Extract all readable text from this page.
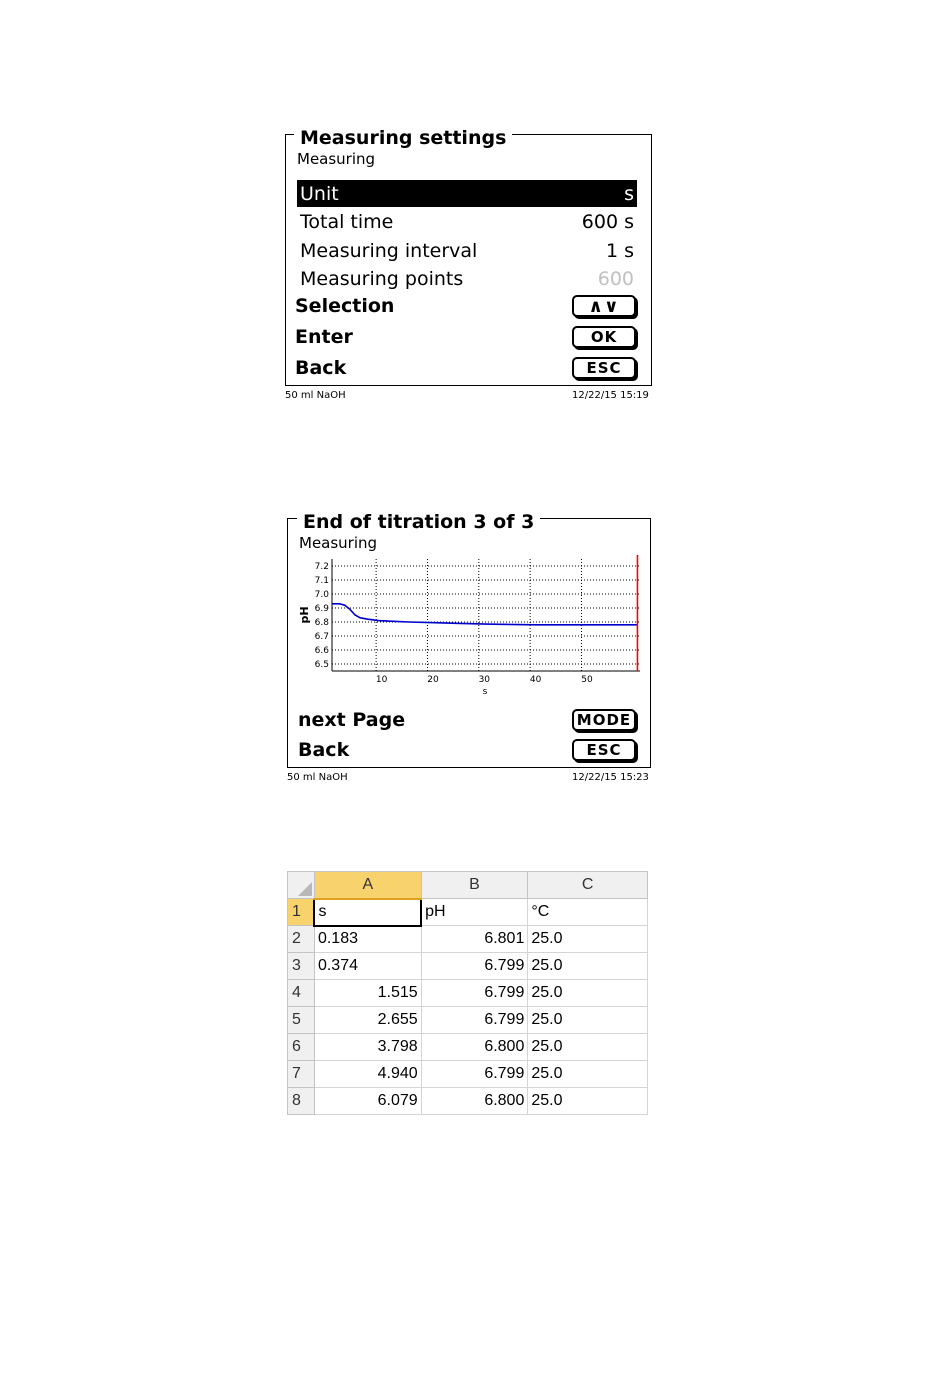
Measuring settings
Measuring
Unit	s
Total time	600 s
Measuring interval	1 s
Measuring points	600
Selection	∧∨
Enter	OK
Back	ESC
50 ml NaOH	12/22/15 15:19
End of titration 3 of 3
Measuring
7.2
7.1
7.0
6.9
6.8
6.7
6.6
6.5
10	20	30	40	50
s
pH
next Page	MODE
Back	ESC
50 ml NaOH	12/22/15 15:23
	A	B	C
1	s	pH	°C
2	0.183	6.801	25.0
3	0.374	6.799	25.0
4	1.515	6.799	25.0
5	2.655	6.799	25.0
6	3.798	6.800	25.0
7	4.940	6.799	25.0
8	6.079	6.800	25.0
